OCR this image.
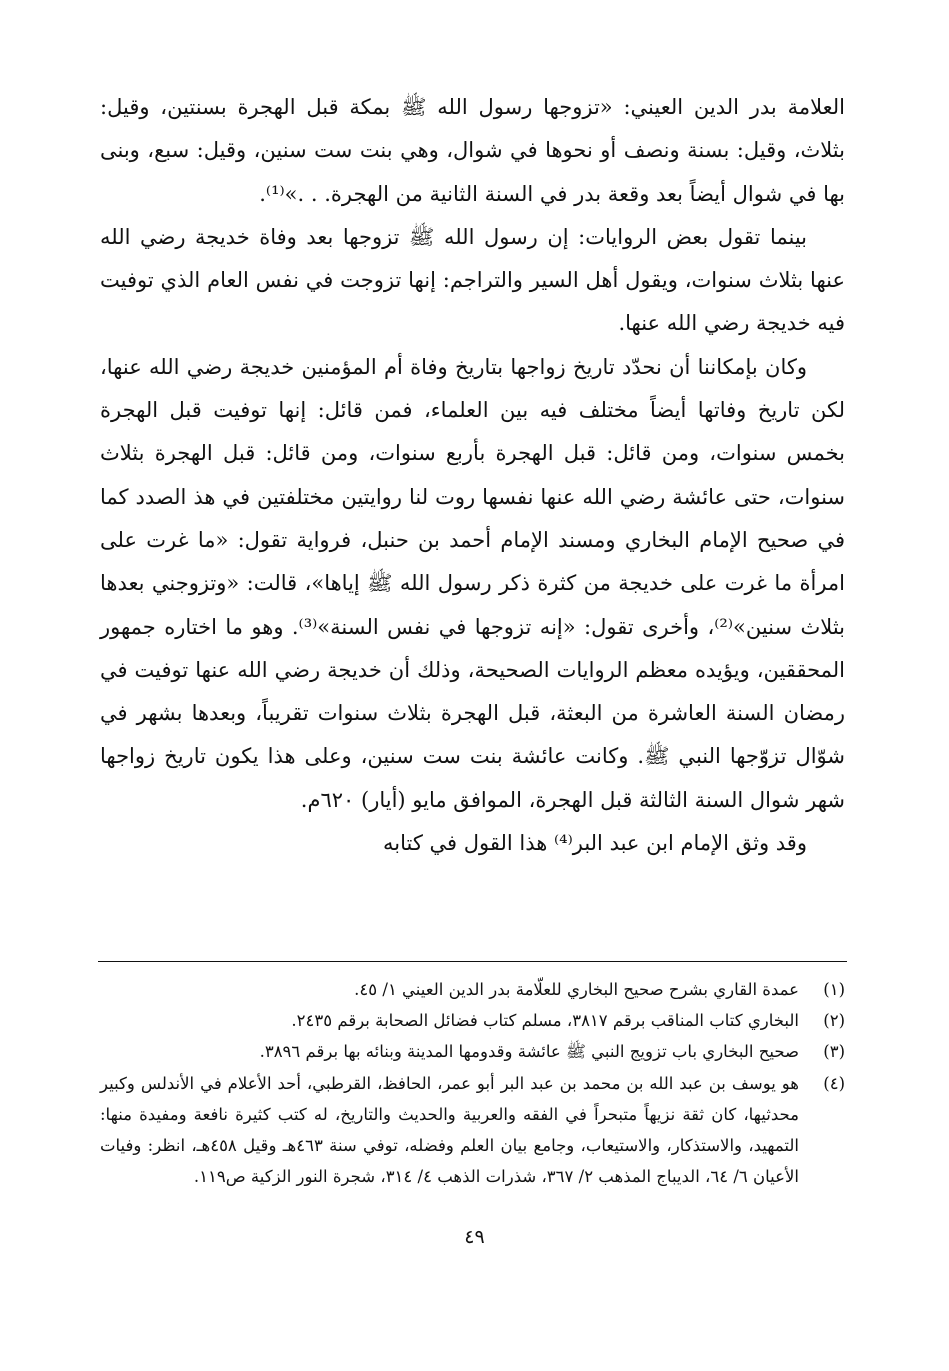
العلامة بدر الدين العيني: «تزوجها رسول الله ﷺ بمكة قبل الهجرة بسنتين، وقيل: بثلاث، وقيل: بسنة ونصف أو نحوها في شوال، وهي بنت ست سنين، وقيل: سبع، وبنى بها في شوال أيضاً بعد وقعة بدر في السنة الثانية من الهجرة. . .»⁽¹⁾.

بينما تقول بعض الروايات: إن رسول الله ﷺ تزوجها بعد وفاة خديجة رضي الله عنها بثلاث سنوات، ويقول أهل السير والتراجم: إنها تزوجت في نفس العام الذي توفيت فيه خديجة رضي الله عنها.

وكان بإمكاننا أن نحدّد تاريخ زواجها بتاريخ وفاة أم المؤمنين خديجة رضي الله عنها، لكن تاريخ وفاتها أيضاً مختلف فيه بين العلماء، فمن قائل: إنها توفيت قبل الهجرة بخمس سنوات، ومن قائل: قبل الهجرة بأربع سنوات، ومن قائل: قبل الهجرة بثلاث سنوات، حتى عائشة رضي الله عنها نفسها روت لنا روايتين مختلفتين في هذ الصدد كما في صحيح الإمام البخاري ومسند الإمام أحمد بن حنبل، فرواية تقول: «ما غرت على امرأة ما غرت على خديجة من كثرة ذكر رسول الله ﷺ إياها»، قالت: «وتزوجني بعدها بثلاث سنين»⁽²⁾، وأخرى تقول: «إنه تزوجها في نفس السنة»⁽³⁾. وهو ما اختاره جمهور المحققين، ويؤيده معظم الروايات الصحيحة، وذلك أن خديجة رضي الله عنها توفيت في رمضان السنة العاشرة من البعثة، قبل الهجرة بثلاث سنوات تقريباً، وبعدها بشهر في شوّال تزوّجها النبي ﷺ. وكانت عائشة بنت ست سنين، وعلى هذا يكون تاريخ زواجها شهر شوال السنة الثالثة قبل الهجرة، الموافق مايو (أيار) ٦٢٠م.

وقد وثق الإمام ابن عبد البر⁽⁴⁾ هذا القول في كتابه

(١)
عمدة القاري بشرح صحيح البخاري للعلّامة بدر الدين العيني ١/ ٤٥.
(٢)
البخاري كتاب المناقب برقم ٣٨١٧، مسلم كتاب فضائل الصحابة برقم ٢٤٣٥.
(٣)
صحيح البخاري باب تزويج النبي ﷺ عائشة وقدومها المدينة وبنائه بها برقم ٣٨٩٦.
(٤)
هو يوسف بن عبد الله بن محمد بن عبد البر أبو عمر، الحافظ، القرطبي، أحد الأعلام في الأندلس وكبير محدثيها، كان ثقة نزيهاً متبحراً في الفقه والعربية والحديث والتاريخ، له كتب كثيرة نافعة ومفيدة منها: التمهيد، والاستذكار، والاستيعاب، وجامع بيان العلم وفضله، توفي سنة ٤٦٣هـ وقيل ٤٥٨هـ، انظر: وفيات الأعيان ٦/ ٦٤، الديباج المذهب ٢/ ٣٦٧، شذرات الذهب ٤/ ٣١٤، شجرة النور الزكية ص١١٩.
٤٩
